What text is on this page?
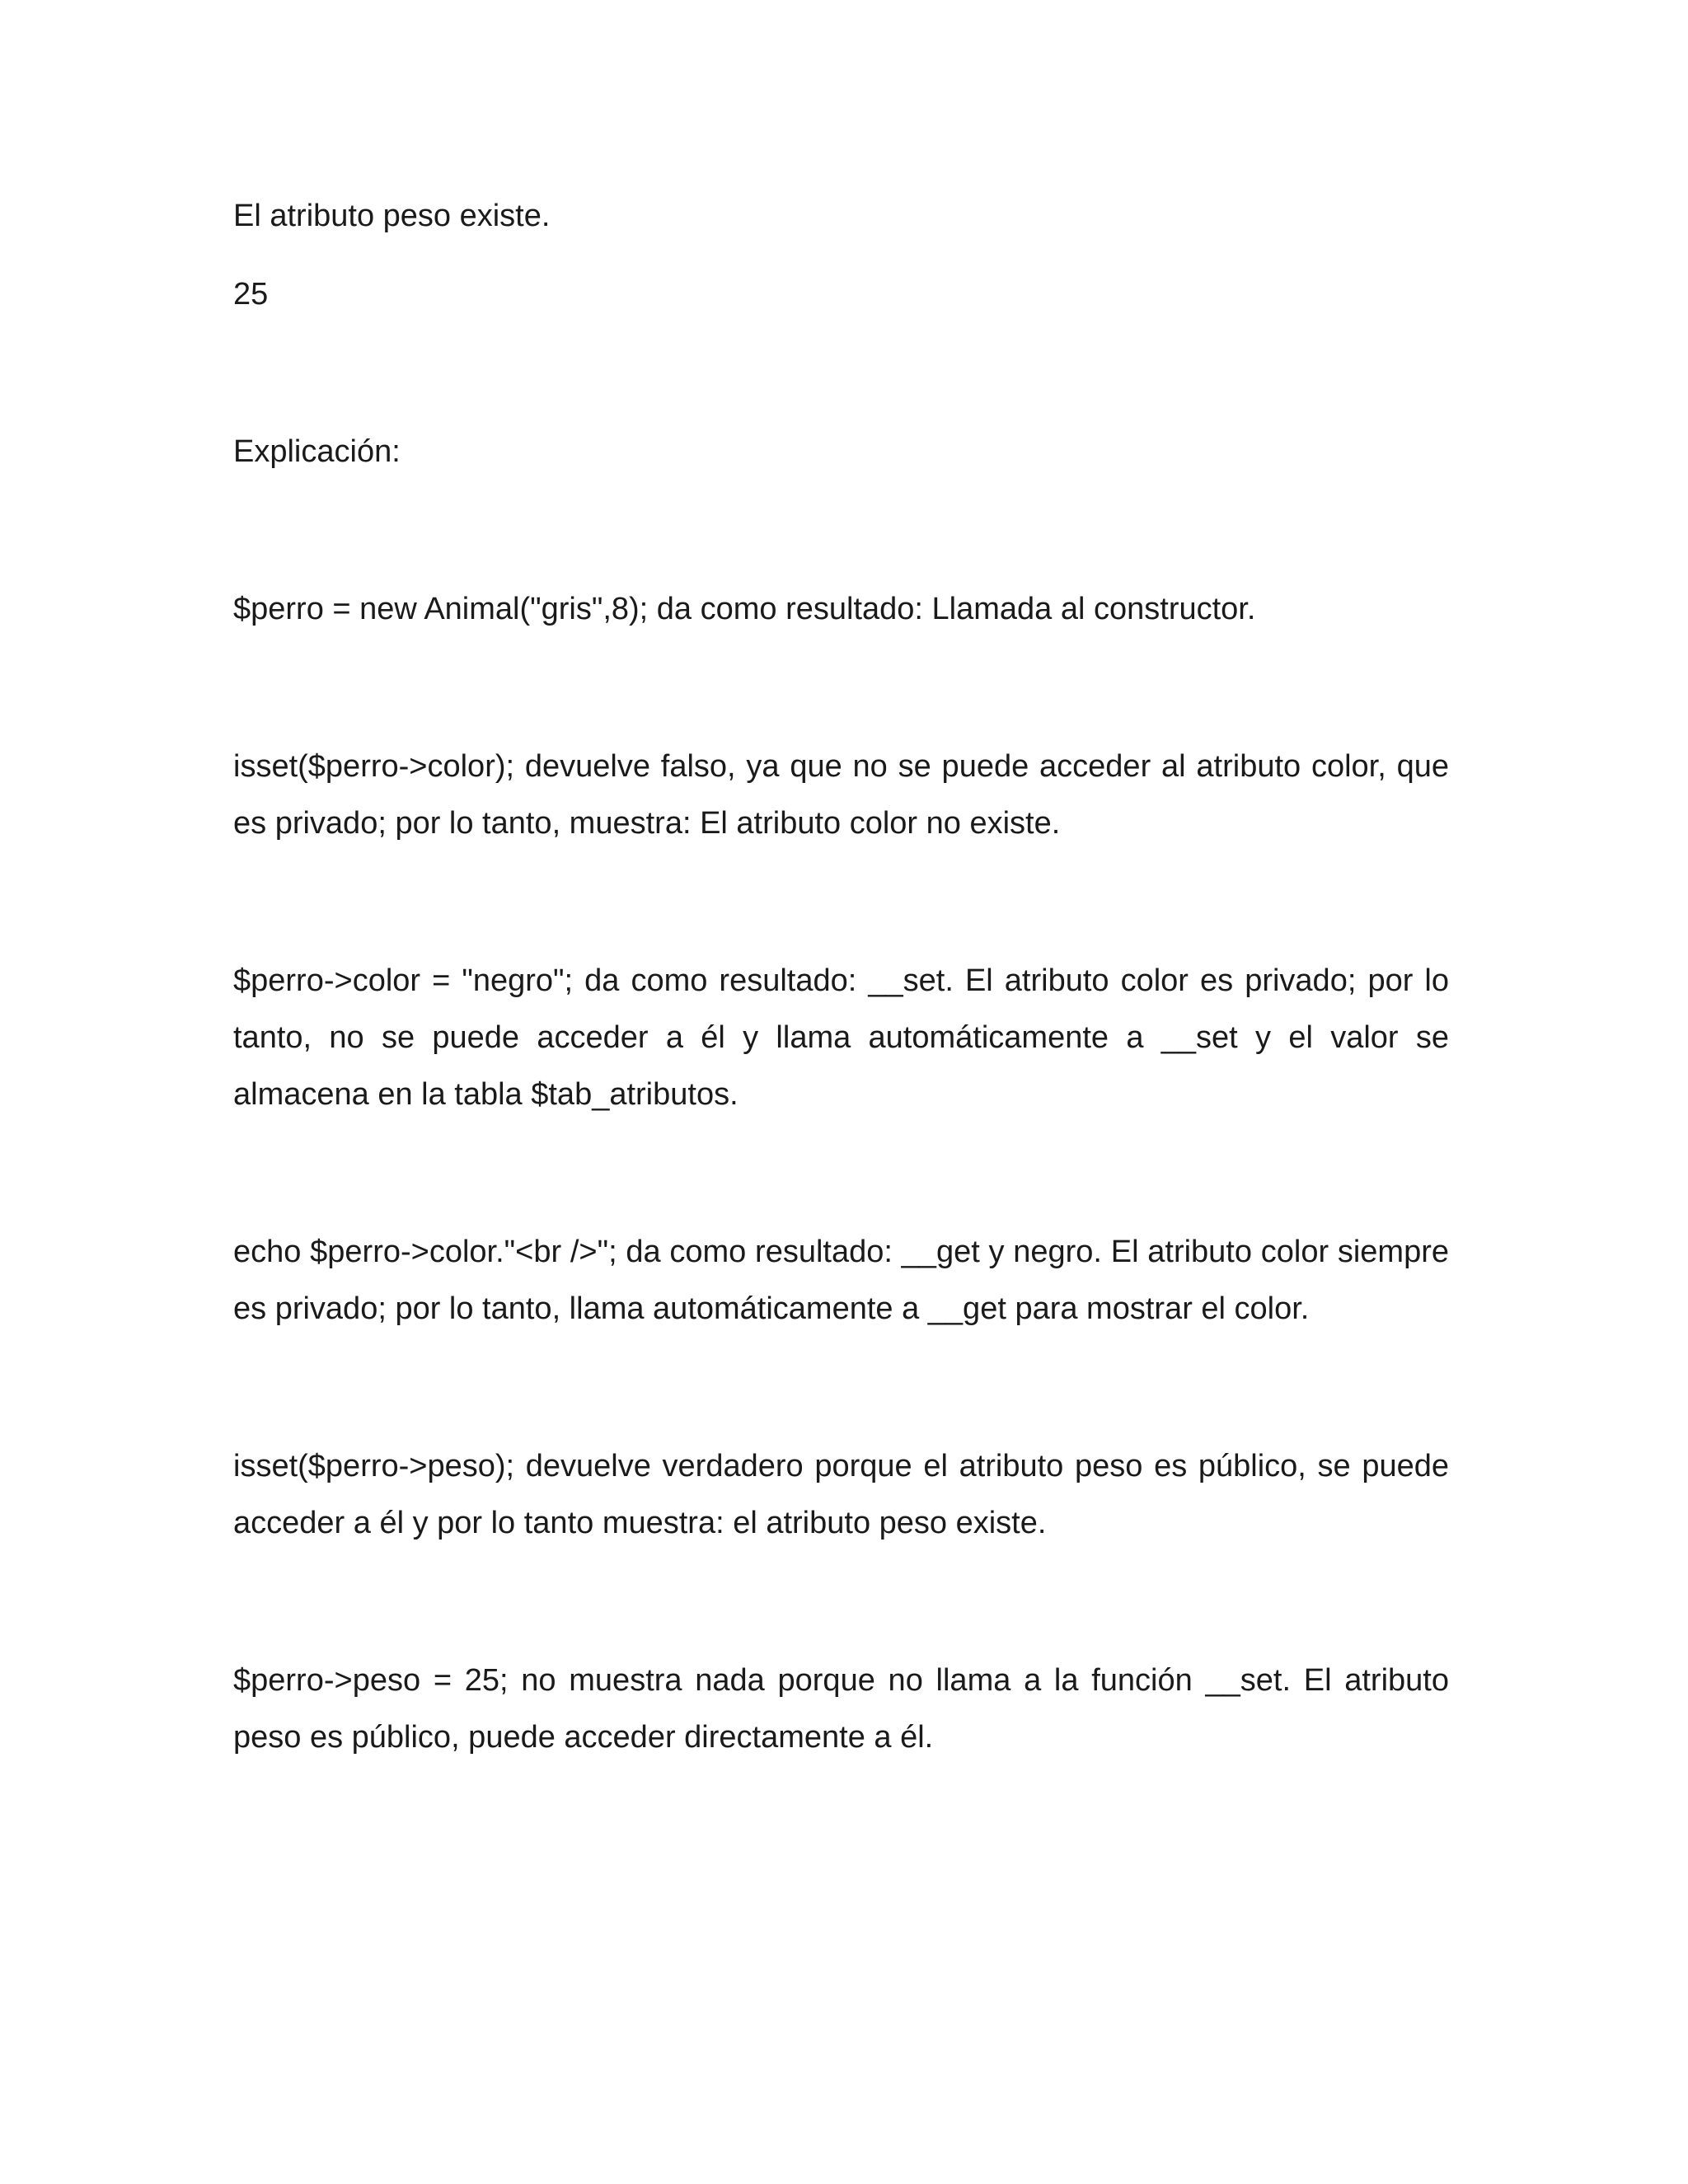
El atributo peso existe.

25

Explicación:

$perro = new Animal("gris",8); da como resultado: Llamada al constructor.

isset($perro->color); devuelve falso, ya que no se puede acceder al atributo color, que es privado; por lo tanto, muestra: El atributo color no existe.

$perro->color = "negro"; da como resultado: __set. El atributo color es privado; por lo tanto, no se puede acceder a él y llama automáticamente a __set y el valor se almacena en la tabla $tab_atributos.

echo $perro->color."<br />"; da como resultado: __get y negro. El atributo color siempre es privado; por lo tanto, llama automáticamente a __get para mostrar el color.

isset($perro->peso); devuelve verdadero porque el atributo peso es público, se puede acceder a él y por lo tanto muestra: el atributo peso existe.

$perro->peso = 25; no muestra nada porque no llama a la función __set. El atributo peso es público, puede acceder directamente a él.
